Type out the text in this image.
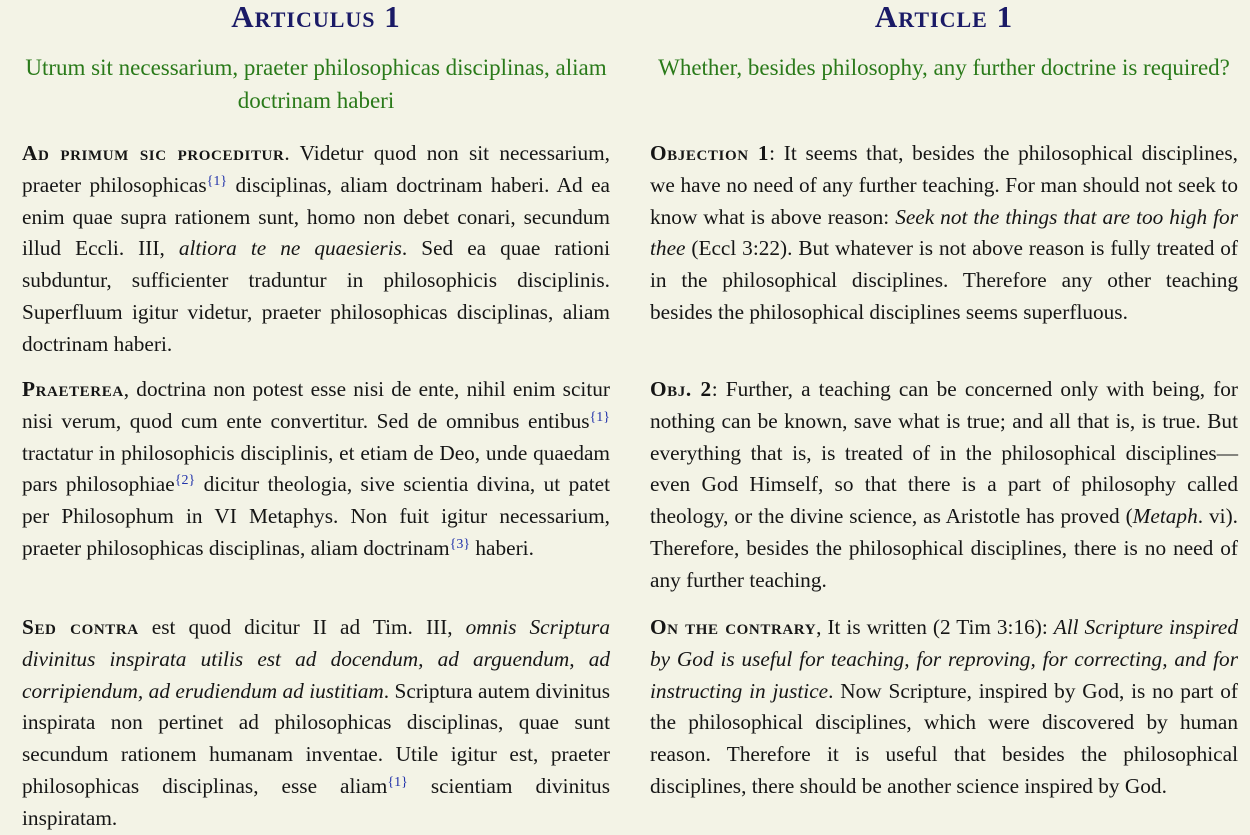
Articulus 1
Utrum sit necessarium, praeter philosophicas disciplinas, aliam doctrinam haberi

Ad primum sic proceditur. Videtur quod non sit necessarium, praeter philosophicas$^{\{1\}}$ disciplinas, aliam doctrinam haberi. Ad ea enim quae supra rationem sunt, homo non debet conari, secundum illud Eccli. III, altiora te ne quaesieris. Sed ea quae rationi subduntur, sufficienter traduntur in philosophicis disciplinis. Superfluum igitur videtur, praeter philosophicas disciplinas, aliam doctrinam haberi.

Praeterea, doctrina non potest esse nisi de ente, nihil enim scitur nisi verum, quod cum ente convertitur. Sed de omnibus entibus$^{\{1\}}$ tractatur in philosophicis disciplinis, et etiam de Deo, unde quaedam pars philosophiae$^{\{2\}}$ dicitur theologia, sive scientia divina, ut patet per Philosophum in VI Metaphys. Non fuit igitur necessarium, praeter philosophicas disciplinas, aliam doctrinam$^{\{3\}}$ haberi.

Sed contra est quod dicitur II ad Tim. III, omnis Scriptura divinitus inspirata utilis est ad docendum, ad arguendum, ad corripiendum, ad erudiendum ad iustitiam. Scriptura autem divinitus inspirata non pertinet ad philosophicas disciplinas, quae sunt secundum rationem humanam inventae. Utile igitur est, praeter philosophicas disciplinas, esse aliam$^{\{1\}}$ scientiam divinitus inspiratam.

Article 1
Whether, besides philosophy, any further doctrine is required?

Objection 1: It seems that, besides the philosophical disciplines, we have no need of any further teaching. For man should not seek to know what is above reason: Seek not the things that are too high for thee (Eccl 3:22). But whatever is not above reason is fully treated of in the philosophical disciplines. Therefore any other teaching besides the philosophical disciplines seems superfluous.

Obj. 2: Further, a teaching can be concerned only with being, for nothing can be known, save what is true; and all that is, is true. But everything that is, is treated of in the philosophical disciplines—even God Himself, so that there is a part of philosophy called theology, or the divine science, as Aristotle has proved (Metaph. vi). Therefore, besides the philosophical disciplines, there is no need of any further teaching.

On the contrary, It is written (2 Tim 3:16): All Scripture inspired by God is useful for teaching, for reproving, for correcting, and for instructing in justice. Now Scripture, inspired by God, is no part of the philosophical disciplines, which were discovered by human reason. Therefore it is useful that besides the philosophical disciplines, there should be another science inspired by God.
